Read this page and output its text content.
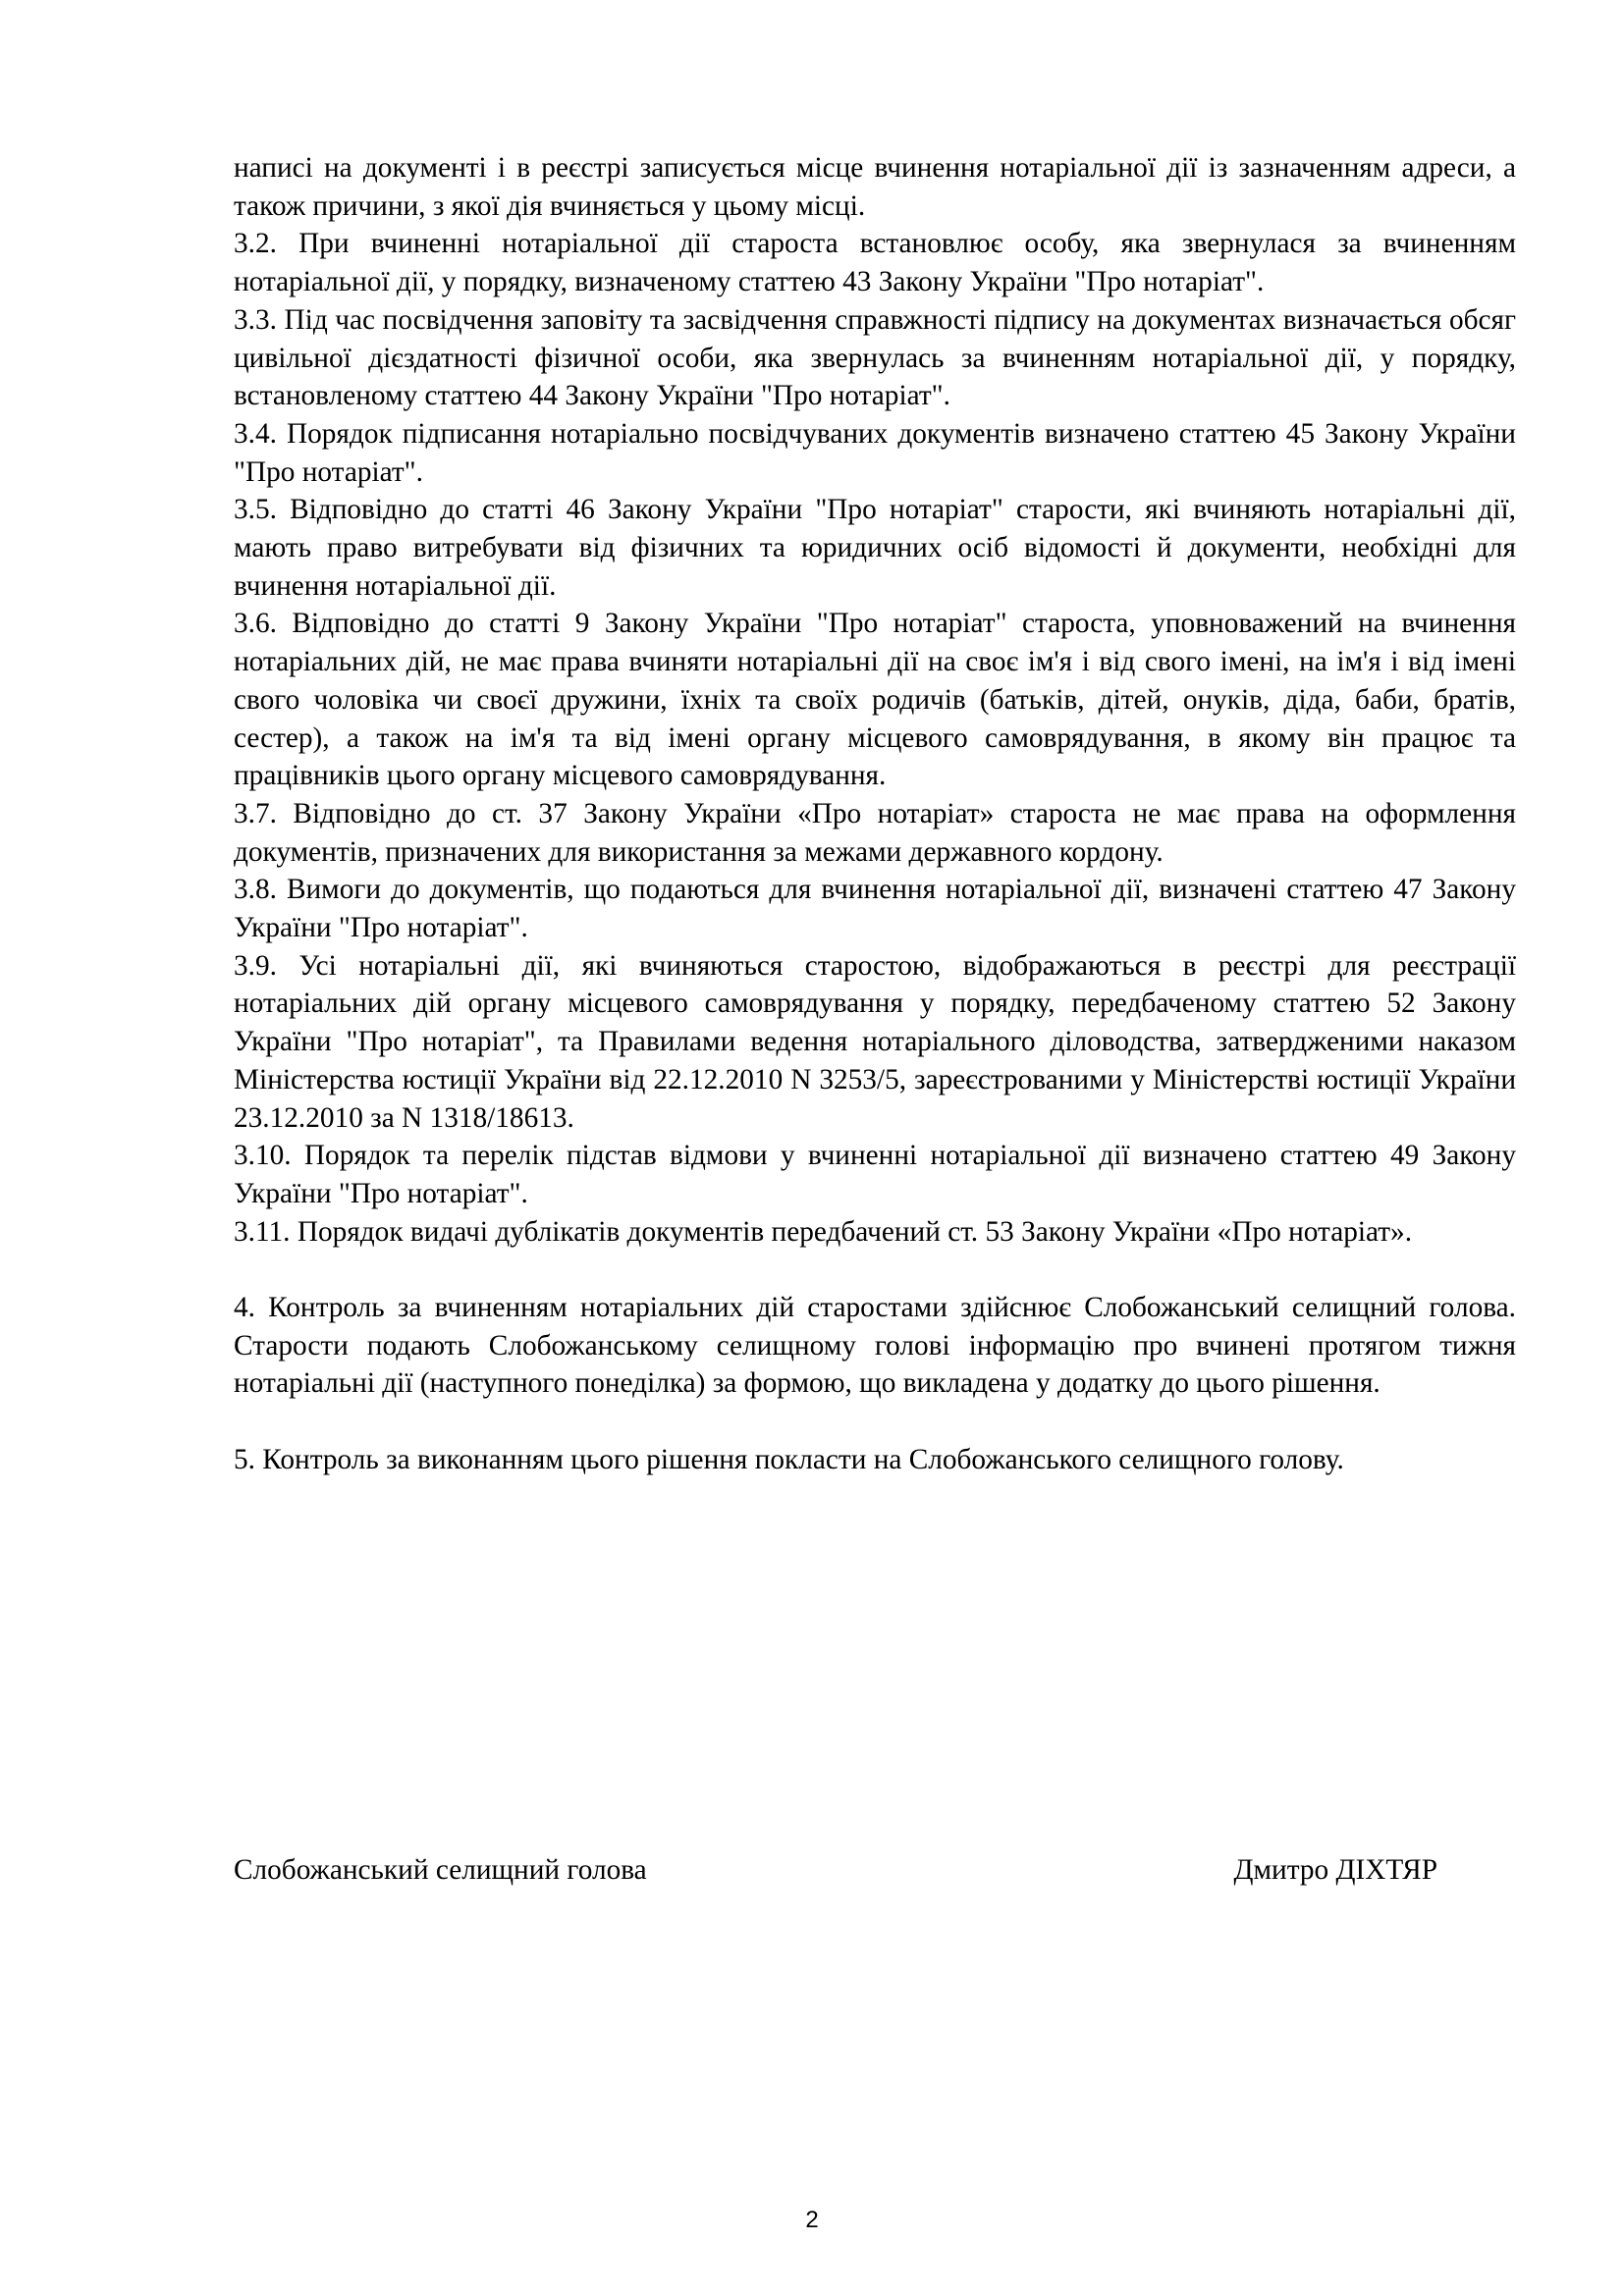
написі на документі і в реєстрі записується місце вчинення нотаріальної дії із зазначенням адреси, а також причини, з якої дія вчиняється у цьому місці.

3.2. При вчиненні нотаріальної дії староста встановлює особу, яка звернулася за вчиненням нотаріальної дії, у порядку, визначеному статтею 43 Закону України "Про нотаріат".

3.3. Під час посвідчення заповіту та засвідчення справжності підпису на документах визначається обсяг цивільної дієздатності фізичної особи, яка звернулась за вчиненням нотаріальної дії, у порядку, встановленому статтею 44 Закону України "Про нотаріат".

3.4. Порядок підписання нотаріально посвідчуваних документів визначено статтею 45 Закону України "Про нотаріат".

3.5. Відповідно до статті 46 Закону України "Про нотаріат" старости, які вчиняють нотаріальні дії, мають право витребувати від фізичних та юридичних осіб відомості й документи, необхідні для вчинення нотаріальної дії.

3.6. Відповідно до статті 9 Закону України "Про нотаріат" староста, уповноважений на вчинення нотаріальних дій, не має права вчиняти нотаріальні дії на своє ім'я і від свого імені, на ім'я і від імені свого чоловіка чи своєї дружини, їхніх та своїх родичів (батьків, дітей, онуків, діда, баби, братів, сестер), а також на ім'я та від імені органу місцевого самоврядування, в якому він працює та працівників цього органу місцевого самоврядування.

3.7. Відповідно до ст. 37 Закону України «Про нотаріат» староста не має права на оформлення документів, призначених для використання за межами державного кордону.

3.8. Вимоги до документів, що подаються для вчинення нотаріальної дії, визначені статтею 47 Закону України "Про нотаріат".

3.9. Усі нотаріальні дії, які вчиняються старостою, відображаються в реєстрі для реєстрації нотаріальних дій органу місцевого самоврядування у порядку, передбаченому статтею 52 Закону України "Про нотаріат", та Правилами ведення нотаріального діловодства, затвердженими наказом Міністерства юстиції України від 22.12.2010 N 3253/5, зареєстрованими у Міністерстві юстиції України 23.12.2010 за N 1318/18613.

3.10. Порядок та перелік підстав відмови у вчиненні нотаріальної дії визначено статтею 49 Закону України "Про нотаріат".

3.11. Порядок видачі дублікатів документів передбачений ст. 53 Закону України «Про нотаріат».

4. Контроль за вчиненням нотаріальних дій старостами здійснює Слобожанський селищний голова. Старости подають Слобожанському селищному голові інформацію про вчинені протягом тижня нотаріальні дії (наступного понеділка) за формою, що викладена у додатку до цього рішення.

5. Контроль за виконанням цього рішення покласти на Слобожанського селищного голову.

Слобожанський селищний голова	Дмитро ДІХТЯР
2
